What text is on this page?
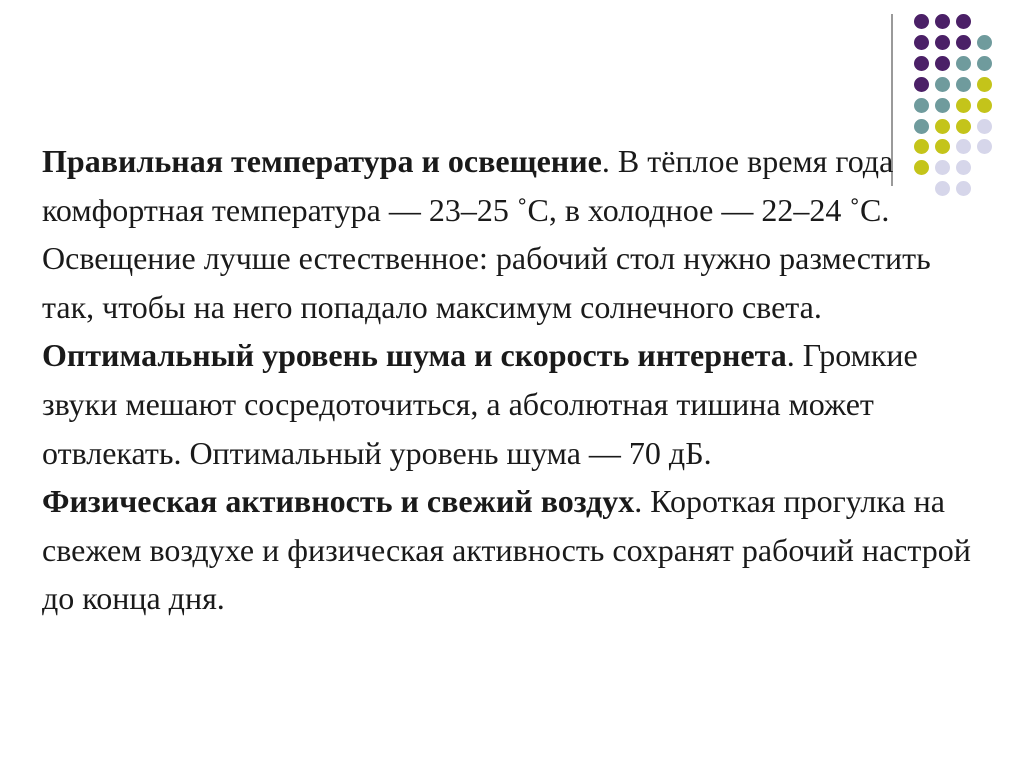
Правильная температура и освещение. В тёплое время года комфортная температура — 23–25 ˚С, в холодное — 22–24 ˚С. Освещение лучше естественное: рабочий стол нужно разместить так, чтобы на него попадало максимум солнечного света.

Оптимальный уровень шума и скорость интернета. Громкие звуки мешают сосредоточиться, а абсолютная тишина может отвлекать. Оптимальный уровень шума — 70 дБ.

Физическая активность и свежий воздух. Короткая прогулка на свежем воздухе и физическая активность сохранят рабочий настрой до конца дня.
